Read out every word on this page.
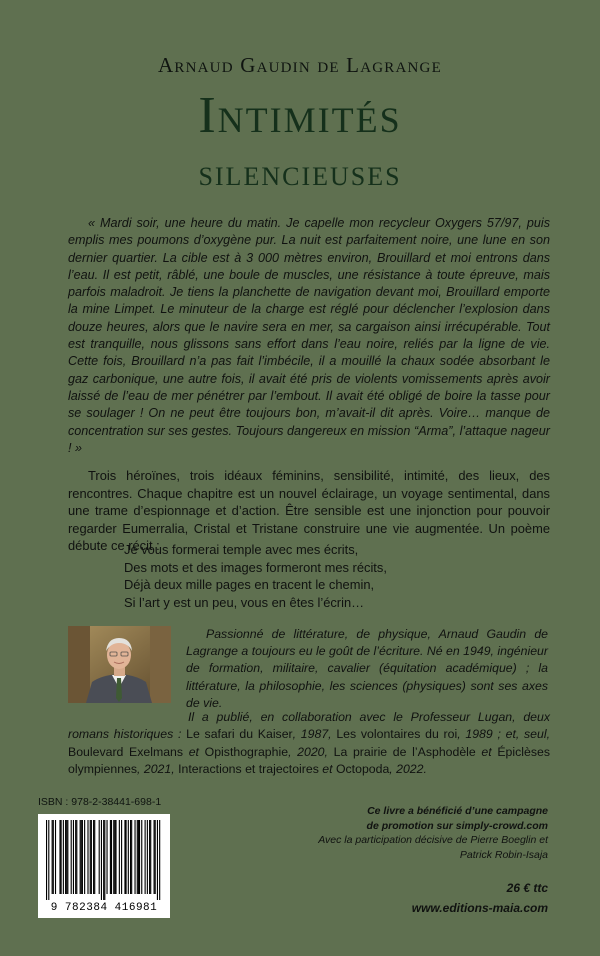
Arnaud Gaudin de Lagrange
Intimités
silencieuses

« Mardi soir, une heure du matin. Je capelle mon recycleur Oxygers 57/97, puis emplis mes poumons d’oxygène pur. La nuit est parfaitement noire, une lune en son dernier quartier. La cible est à 3 000 mètres environ, Brouillard et moi entrons dans l’eau. Il est petit, râblé, une boule de muscles, une résistance à toute épreuve, mais parfois maladroit. Je tiens la planchette de navigation devant moi, Brouillard emporte la mine Limpet. Le minuteur de la charge est réglé pour déclencher l’explosion dans douze heures, alors que le navire sera en mer, sa cargaison ainsi irrécupérable. Tout est tranquille, nous glissons sans effort dans l’eau noire, reliés par la ligne de vie. Cette fois, Brouillard n’a pas fait l’imbécile, il a mouillé la chaux sodée absorbant le gaz carbonique, une autre fois, il avait été pris de violents vomissements après avoir laissé de l’eau de mer pénétrer par l’embout. Il avait été obligé de boire la tasse pour se soulager ! On ne peut être toujours bon, m’avait-il dit après. Voire… manque de concentration sur ses gestes. Toujours dangereux en mission “Arma”, l’attaque nageur ! »

Trois héroïnes, trois idéaux féminins, sensibilité, intimité, des lieux, des rencontres. Chaque chapitre est un nouvel éclairage, un voyage sentimental, dans une trame d’espionnage et d’action. Être sensible est une injonction pour pouvoir regarder Eumerralia, Cristal et Tristane construire une vie augmentée. Un poème débute ce récit :

Je vous formerai temple avec mes écrits,
Des mots et des images formeront mes récits,
Déjà deux mille pages en tracent le chemin,
Si l’art y est un peu, vous en êtes l’écrin…

Passionné de littérature, de physique, Arnaud Gaudin de Lagrange a toujours eu le goût de l’écriture. Né en 1949, ingénieur de formation, militaire, cavalier (équitation académique) ; la littérature, la philosophie, les sciences (physiques) sont ses axes de vie.

Il a publié, en collaboration avec le Professeur Lugan, deux romans historiques : Le safari du Kaiser, 1987, Les volontaires du roi, 1989 ; et, seul, Boulevard Exelmans et Opisthographie, 2020, La prairie de l’Asphodèle et Épiclèses olympiennes, 2021, Interactions et trajectoires et Octopoda, 2022.

ISBN : 978-2-38441-698-1
9 782384 416981
Ce livre a bénéficié d’une campagne
de promotion sur simply-crowd.com
Avec la participation décisive de Pierre Boeglin et
Patrick Robin-Isaja
26 € ttc
www.editions-maia.com
